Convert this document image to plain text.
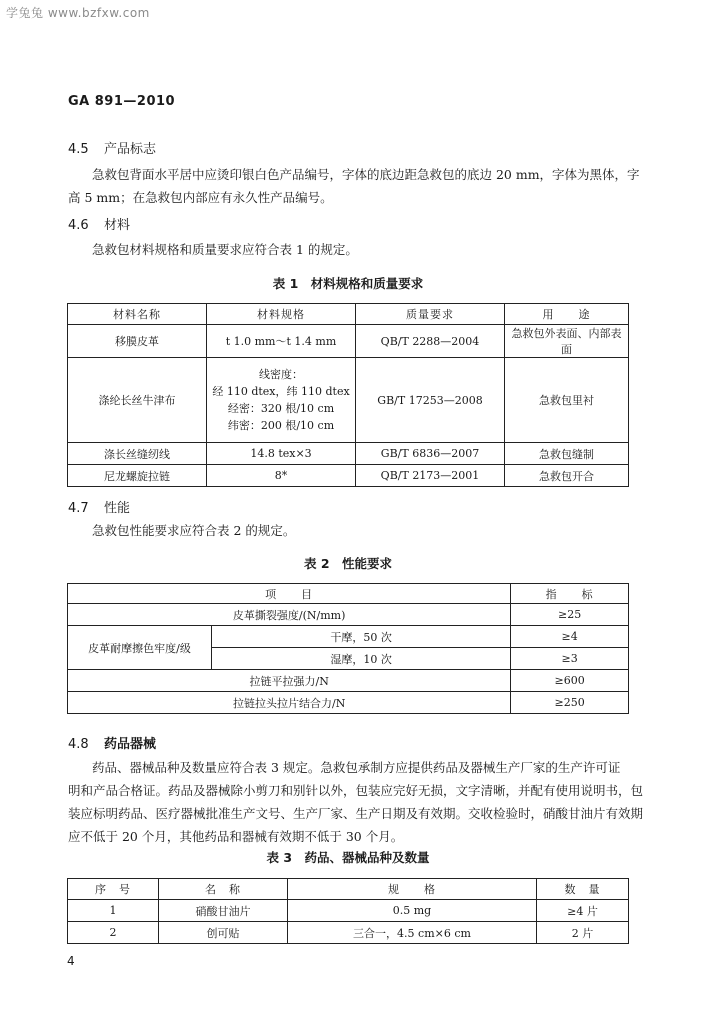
学兔兔 www.bzfxw.com
GA 891—2010
4.5 产品标志
急救包背面水平居中应烫印银白色产品编号，字体的底边距急救包的底边 20 mm，字体为黑体，字
高 5 mm；在急救包内部应有永久性产品编号。
4.6 材料
急救包材料规格和质量要求应符合表 1 的规定。
表 1　材料规格和质量要求
材料名称	材料规格	质量要求	用　　途
移膜皮革	t 1.0 mm～t 1.4 mm	QB/T 2288—2004	急救包外表面、内部表面
涤纶长丝牛津布	线密度：
经 110 dtex，纬 110 dtex
经密：320 根/10 cm
纬密：200 根/10 cm	GB/T 17253—2008	急救包里衬
涤长丝缝纫线	14.8 tex×3	GB/T 6836—2007	急救包缝制
尼龙螺旋拉链	8*	QB/T 2173—2001	急救包开合
4.7 性能
急救包性能要求应符合表 2 的规定。
表 2　性能要求
项　　目		指　　标
皮革撕裂强度/(N/mm)		≥25
皮革耐摩擦色牢度/级	干摩，50 次	≥4
	湿摩，10 次	≥3
拉链平拉强力/N		≥600
拉链拉头拉片结合力/N		≥250
4.8 药品器械
药品、器械品种及数量应符合表 3 规定。急救包承制方应提供药品及器械生产厂家的生产许可证
明和产品合格证。药品及器械除小剪刀和别针以外，包装应完好无损，文字清晰，并配有使用说明书，包
装应标明药品、医疗器械批准生产文号、生产厂家、生产日期及有效期。交收检验时，硝酸甘油片有效期
应不低于 20 个月，其他药品和器械有效期不低于 30 个月。
表 3　药品、器械品种及数量
序　号	名　称	规　　格	数　量
1	硝酸甘油片	0.5 mg	≥4 片
2	创可贴	三合一，4.5 cm×6 cm	2 片
4
